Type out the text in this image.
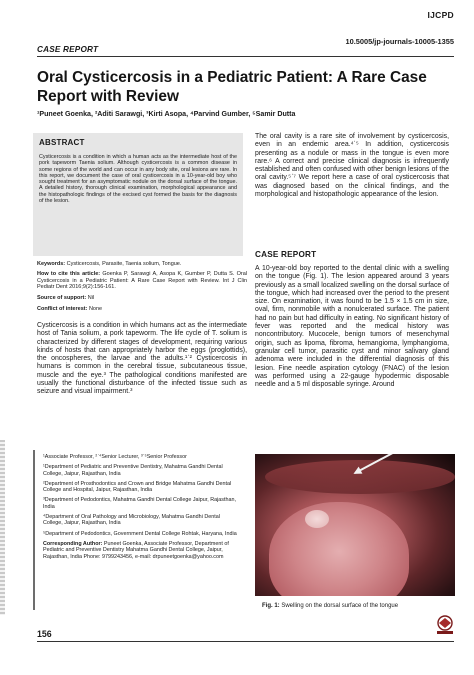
IJCPD
10.5005/jp-journals-10005-1355
CASE REPORT
Oral Cysticercosis in a Pediatric Patient: A Rare Case
Report with Review
¹Puneet Goenka, ²Aditi Sarawgi, ³Kirti Asopa, ⁴Parvind Gumber, ⁵Samir Dutta
ABSTRACT
Cysticercosis is a condition in which a human acts as the intermediate host of the pork tapeworm Taenia solium. Although cysticercosis is a common disease in some regions of the world and can occur in any body site, oral lesions are rare. In this report, we document the case of oral cysticercosis in a 10-year-old boy who sought treatment for an asymptomatic nodule on the dorsal surface of the tongue. A detailed history, thorough clinical examination, morphological appearance and the histopathologic findings of the excised cyst formed the basis for the diagnosis of the lesion.
Keywords: Cysticercosis, Parasite, Taenia solium, Tongue.
How to cite this article: Goenka P, Sarawgi A, Asopa K, Gumber P, Dutta S. Oral Cysticercosis in a Pediatric Patient: A Rare Case Report with Review. Int J Clin Pediatr Dent 2016;9(2):156-161.
Source of support: Nil
Conflict of interest: None

Cysticercosis is a condition in which humans act as the intermediate host of Tania solium, a pork tapeworm. The life cycle of T. solium is characterized by different stages of development, requiring various kinds of hosts that can appropriately harbor the eggs (proglottids), the oncospheres, the larvae and the adults.¹ˈ² Cysticercosis in humans is common in the cerebral tissue, subcutaneous tissue, muscle and the eye.³ The pathological conditions manifested are usually the functional disturbance of the infected tissue such as seizure and visual impairment.³

¹Associate Professor, ²ˈ⁴Senior Lecturer, ³ˈ⁵Senior Professor

¹Department of Pediatric and Preventive Dentistry, Mahatma Gandhi Dental College, Jaipur, Rajasthan, India

²Department of Prosthodontics and Crown and Bridge Mahatma Gandhi Dental College and Hospital, Jaipur, Rajasthan, India

³Department of Pedodontics, Mahatma Gandhi Dental College Jaipur, Rajasthan, India

⁴Department of Oral Pathology and Microbiology, Mahatma Gandhi Dental College, Jaipur, Rajasthan, India

⁵Department of Pedodontics, Government Dental College Rohtak, Haryana, India

Corresponding Author: Puneet Goenka, Associate Professor, Department of Pediatric and Preventive Dentistry Mahatma Gandhi Dental College, Jaipur, Rajasthan, India Phone: 9799243456, e-mail: drpuneetgoenka@yahoo.com

The oral cavity is a rare site of involvement by cysticercosis, even in an endemic area.⁴ˈ⁵ In addition, cysticercosis presenting as a nodule or mass in the tongue is even more rare.⁶ A correct and precise clinical diagnosis is infrequently established and often confused with other benign lesions of the oral cavity.⁵ˈ⁷ We report here a case of oral cysticercosis that was diagnosed based on the clinical findings, and the morphological and histopathologic appearance of the lesion.

CASE REPORT

A 10-year-old boy reported to the dental clinic with a swelling on the tongue (Fig. 1). The lesion appeared around 3 years previously as a small localized swelling on the dorsal surface of the tongue, which had increased over the period to the present size. On examination, it was found to be 1.5 × 1.5 cm in size, oval, firm, nonmobile with a nonulcerated surface. The patient had no pain but had difficulty in eating. No significant history of fever was reported and the medical history was noncontributory. Mucocele, benign tumors of mesenchymal origin, such as lipoma, fibroma, hemangioma, lymphangioma, granular cell tumor, parasitic cyst and minor salivary gland adenoma were included in the differential diagnosis of this lesion. Fine needle aspiration cytology (FNAC) of the lesion was performed using a 22-gauge hypodermic disposable needle and a 5 ml disposable syringe. Around

Fig. 1: Swelling on the dorsal surface of the tongue
156
